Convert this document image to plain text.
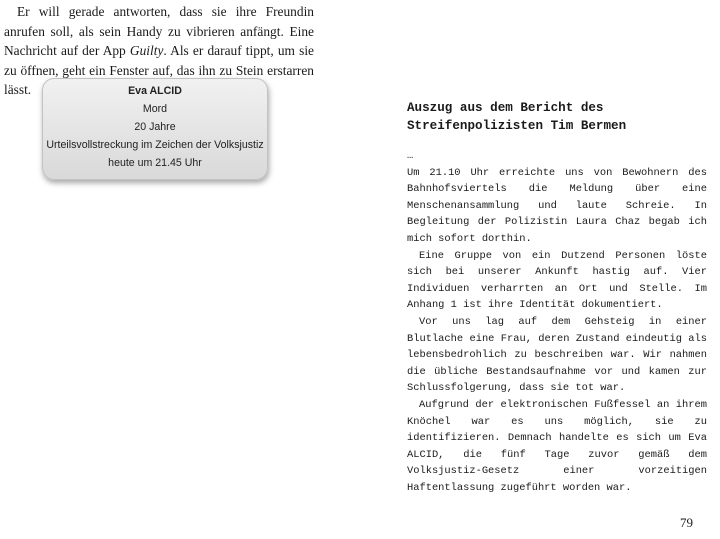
Er will gerade antworten, dass sie ihre Freundin anrufen soll, als sein Handy zu vibrieren anfängt. Eine Nachricht auf der App Guilty. Als er darauf tippt, um sie zu öffnen, geht ein Fenster auf, das ihn zu Stein erstarren lässt.	Eva ALCID
Mord
20 Jahre
Urteilsvollstreckung im Zeichen der Volksjustiz
heute um 21.45 Uhr
Auszug aus dem Bericht des
Streifenpolizisten Tim Bermen

…

Um 21.10 Uhr erreichte uns von Bewohnern des Bahnhofsviertels die Meldung über eine Menschenansammlung und laute Schreie. In Begleitung der Polizistin Laura Chaz begab ich mich sofort dorthin.

Eine Gruppe von ein Dutzend Personen löste sich bei unserer Ankunft hastig auf. Vier Individuen verharrten an Ort und Stelle. Im Anhang 1 ist ihre Identität dokumentiert.

Vor uns lag auf dem Gehsteig in einer Blutlache eine Frau, deren Zustand eindeutig als lebensbedrohlich zu beschreiben war. Wir nahmen die übliche Bestandsaufnahme vor und kamen zur Schlussfolgerung, dass sie tot war.

Aufgrund der elektronischen Fußfessel an ihrem Knöchel war es uns möglich, sie zu identifizieren. Demnach handelte es sich um Eva ALCID, die fünf Tage zuvor gemäß dem Volksjustiz-Gesetz einer vorzeitigen Haftentlassung zugeführt worden war.

79
